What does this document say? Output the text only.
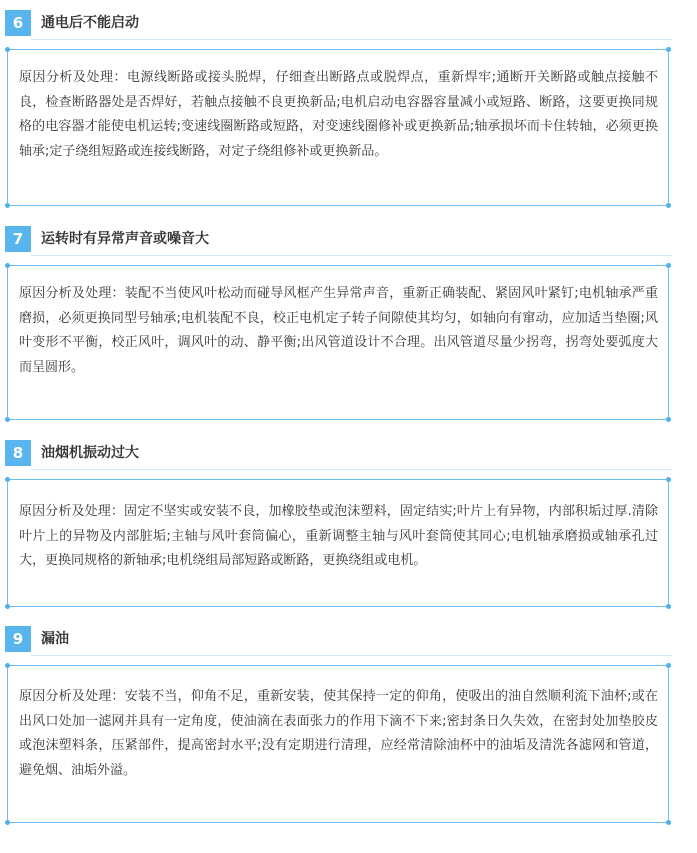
6	通电后不能启动
原因分析及处理：电源线断路或接头脱焊，仔细查出断路点或脱焊点，重新焊牢;通断开关断路或触点接触不良，检查断路器处是否焊好，若触点接触不良更换新品;电机启动电容器容量减小或短路、断路，这要更换同规格的电容器才能使电机运转;变速线圈断路或短路，对变速线圈修补或更换新品;轴承损坏而卡住转轴，必须更换轴承;定子绕组短路或连接线断路，对定子绕组修补或更换新品。
7	运转时有异常声音或噪音大
原因分析及处理：装配不当使风叶松动而碰导风框产生异常声音，重新正确装配、紧固风叶紧钉;电机轴承严重磨损，必须更换同型号轴承;电机装配不良，校正电机定子转子间隙使其均匀，如轴向有窜动，应加适当垫圈;风叶变形不平衡，校正风叶，调风叶的动、静平衡;出风管道设计不合理。出风管道尽量少拐弯，拐弯处要弧度大而呈圆形。
8	油烟机振动过大
原因分析及处理：固定不坚实或安装不良，加橡胶垫或泡沫塑料，固定结实;叶片上有异物，内部积垢过厚.清除叶片上的异物及内部脏垢;主轴与风叶套筒偏心，重新调整主轴与风叶套筒使其同心;电机轴承磨损或轴承孔过大，更换同规格的新轴承;电机绕组局部短路或断路，更换绕组或电机。
9	漏油
原因分析及处理：安装不当，仰角不足，重新安装，使其保持一定的仰角，使吸出的油自然顺利流下油杯;或在出风口处加一滤网并具有一定角度，使油滴在表面张力的作用下滴不下来;密封条日久失效，在密封处加垫胶皮或泡沫塑料条，压紧部件，提高密封水平;没有定期进行清理，应经常清除油杯中的油垢及清洗各滤网和管道，避免烟、油垢外溢。
